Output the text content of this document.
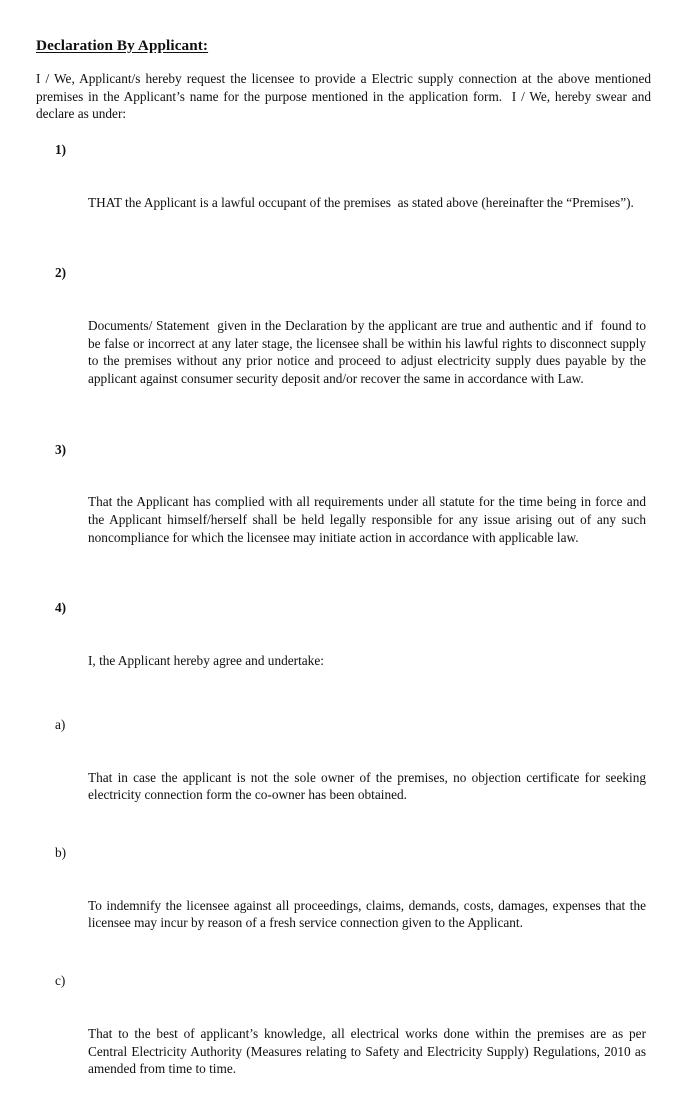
Declaration By Applicant:

I / We, Applicant/s hereby request the licensee to provide a Electric supply connection at the above mentioned premises in the Applicant’s name for the purpose mentioned in the application form.  I / We, hereby swear and declare as under:

1)

THAT the Applicant is a lawful occupant of the premises  as stated above (hereinafter the “Premises”).

2)

Documents/ Statement  given in the Declaration by the applicant are true and authentic and if  found to be false or incorrect at any later stage, the licensee shall be within his lawful rights to disconnect supply to the premises without any prior notice and proceed to adjust electricity supply dues payable by the applicant against consumer security deposit and/or recover the same in accordance with Law.

3)

That the Applicant has complied with all requirements under all statute for the time being in force and the Applicant himself/herself shall be held legally responsible for any issue arising out of any such noncompliance for which the licensee may initiate action in accordance with applicable law.

4)

I, the Applicant hereby agree and undertake:

a)

That in case the applicant is not the sole owner of the premises, no objection certificate for seeking electricity connection form the co-owner has been obtained.

b)

To indemnify the licensee against all proceedings, claims, demands, costs, damages, expenses that the licensee may incur by reason of a fresh service connection given to the Applicant.

c)

That to the best of applicant’s knowledge, all electrical works done within the premises are as per Central Electricity Authority (Measures relating to Safety and Electricity Supply) Regulations, 2010 as amended from time to time.
